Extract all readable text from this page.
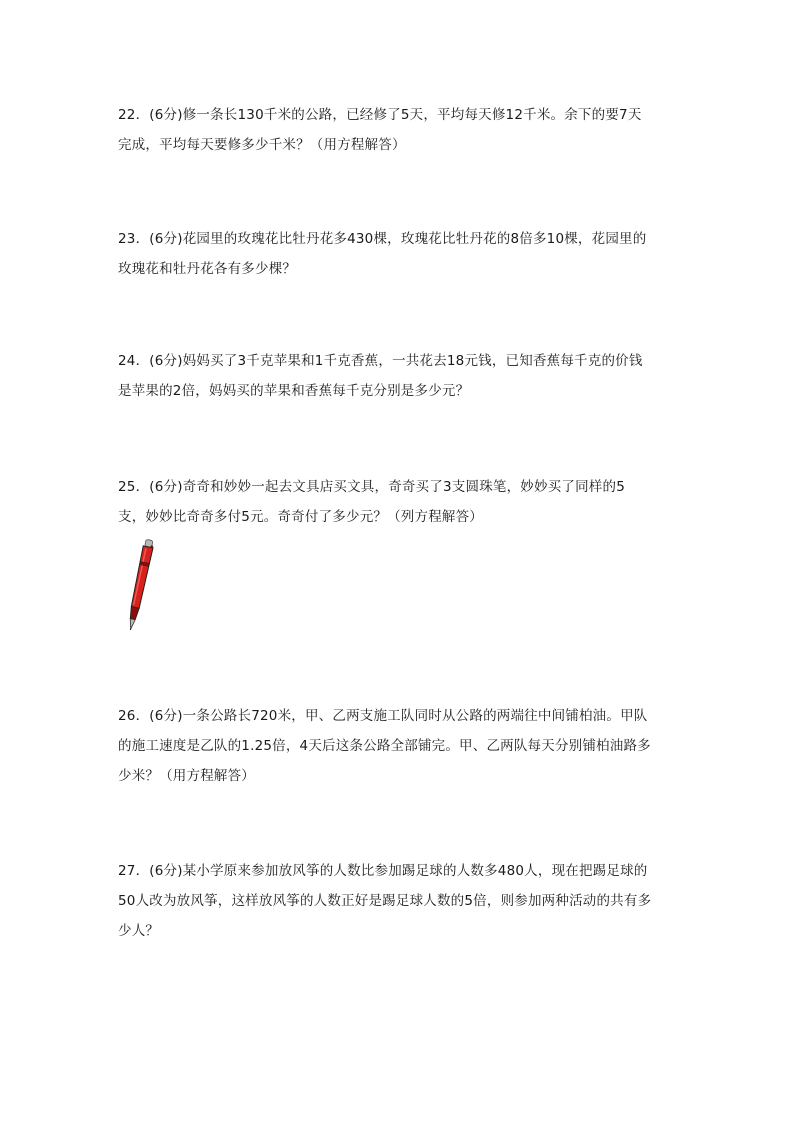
22．(6分)修一条长130千米的公路，已经修了5天，平均每天修12千米。余下的要7天
完成，平均每天要修多少千米？（用方程解答）
23．(6分)花园里的玫瑰花比牡丹花多430棵，玫瑰花比牡丹花的8倍多10棵，花园里的
玫瑰花和牡丹花各有多少棵？
24．(6分)妈妈买了3千克苹果和1千克香蕉，一共花去18元钱，已知香蕉每千克的价钱
是苹果的2倍，妈妈买的苹果和香蕉每千克分别是多少元？
25．(6分)奇奇和妙妙一起去文具店买文具，奇奇买了3支圆珠笔，妙妙买了同样的5
支，妙妙比奇奇多付5元。奇奇付了多少元？（列方程解答）
26．(6分)一条公路长720米，甲、乙两支施工队同时从公路的两端往中间铺柏油。甲队
的施工速度是乙队的1.25倍，4天后这条公路全部铺完。甲、乙两队每天分别铺柏油路多
少米？（用方程解答）
27．(6分)某小学原来参加放风筝的人数比参加踢足球的人数多480人，现在把踢足球的
50人改为放风筝，这样放风筝的人数正好是踢足球人数的5倍，则参加两种活动的共有多
少人？
